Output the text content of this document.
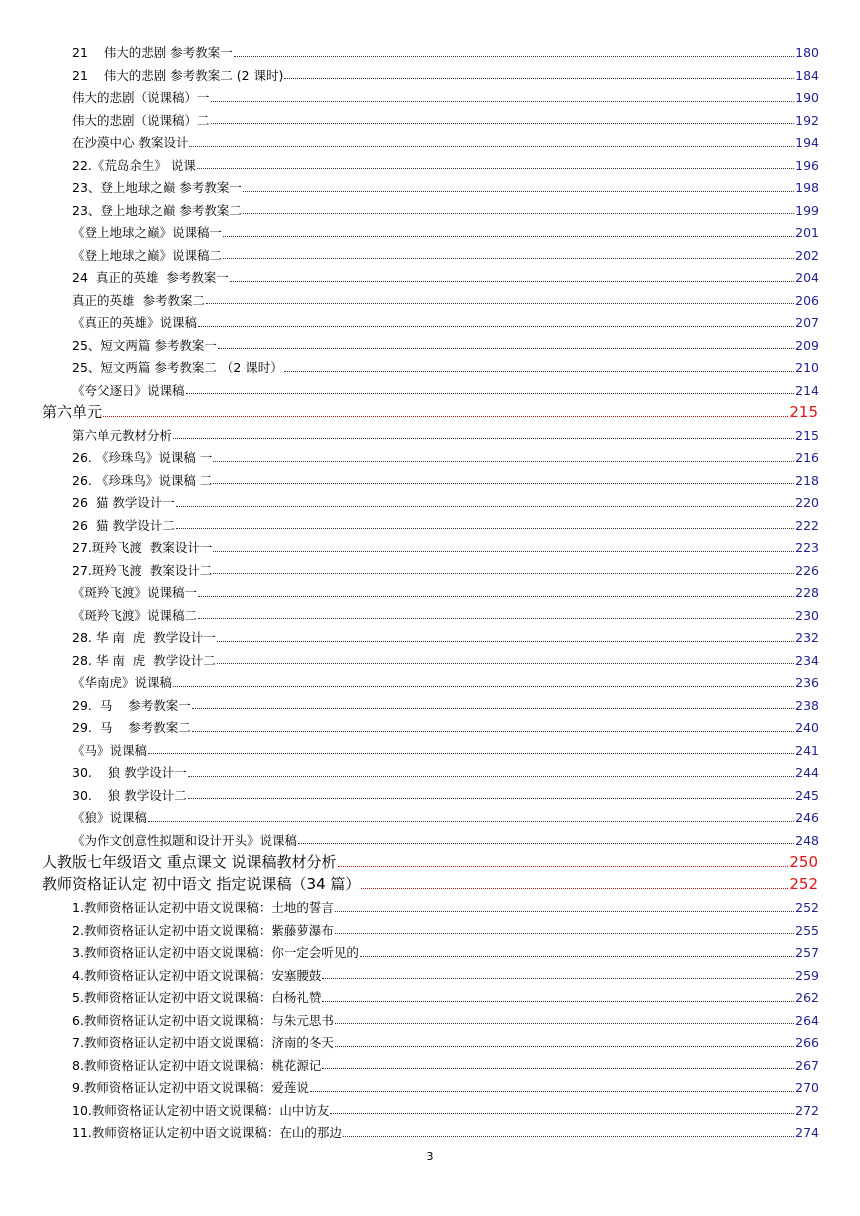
21    伟大的悲剧 参考教案一	180
21    伟大的悲剧 参考教案二 (2 课时)	184
伟大的悲剧（说课稿）一	190
伟大的悲剧（说课稿）二	192
在沙漠中心 教案设计	194
22.《荒岛余生》 说课	196
23、登上地球之巅 参考教案一	198
23、登上地球之巅 参考教案二	199
《登上地球之巅》说课稿一	201
《登上地球之巅》说课稿二	202
24  真正的英雄  参考教案一	204
真正的英雄  参考教案二	206
《真正的英雄》说课稿	207
25、短文两篇 参考教案一	209
25、短文两篇 参考教案二 （2 课时）	210
《夸父逐日》说课稿	214
第六单元	215
第六单元教材分析	215
26. 《珍珠鸟》说课稿 一	216
26. 《珍珠鸟》说课稿 二	218
26  猫 教学设计一	220
26  猫 教学设计二	222
27.斑羚飞渡  教案设计一	223
27.斑羚飞渡  教案设计二	226
《斑羚飞渡》说课稿一	228
《斑羚飞渡》说课稿二	230
28. 华 南  虎  教学设计一	232
28. 华 南  虎  教学设计二	234
《华南虎》说课稿	236
29.  马    参考教案一	238
29.  马    参考教案二	240
《马》说课稿	241
30.    狼 教学设计一	244
30.    狼 教学设计二	245
《狼》说课稿	246
《为作文创意性拟题和设计开头》说课稿	248
人教版七年级语文 重点课文 说课稿教材分析	250
教师资格证认定 初中语文 指定说课稿（34 篇）	252
1.教师资格证认定初中语文说课稿：土地的誓言	252
2.教师资格证认定初中语文说课稿：紫藤萝瀑布	255
3.教师资格证认定初中语文说课稿：你一定会听见的	257
4.教师资格证认定初中语文说课稿：安塞腰鼓	259
5.教师资格证认定初中语文说课稿：白杨礼赞	262
6.教师资格证认定初中语文说课稿：与朱元思书	264
7.教师资格证认定初中语文说课稿：济南的冬天	266
8.教师资格证认定初中语文说课稿：桃花源记	267
9.教师资格证认定初中语文说课稿：爱莲说	270
10.教师资格证认定初中语文说课稿：山中访友	272
11.教师资格证认定初中语文说课稿：在山的那边	274
3
